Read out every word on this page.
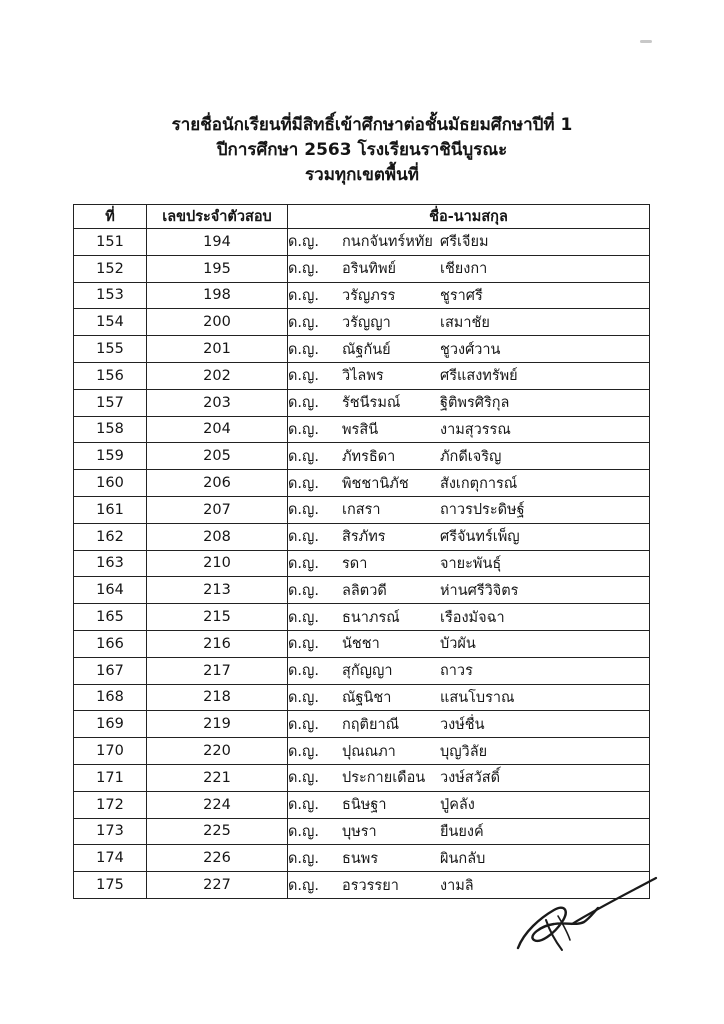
รายชื่อนักเรียนที่มีสิทธิ์เข้าศึกษาต่อชั้นมัธยมศึกษาปีที่ 1
ปีการศึกษา 2563 โรงเรียนราชินีบูรณะ
รวมทุกเขตพื้นที่
ที่	เลขประจำตัวสอบ	ชื่อ-นามสกุล
151	194	ด.ญ. กนกจันทร์หทัย ศรีเจียม
152	195	ด.ญ. อรินทิพย์ เชียงกา
153	198	ด.ญ. วรัญภรร ชูราศรี
154	200	ด.ญ. วรัญญา เสมาชัย
155	201	ด.ญ. ณัฐกันย์ ชูวงศ์วาน
156	202	ด.ญ. วิไลพร ศรีแสงทรัพย์
157	203	ด.ญ. รัชนีรมณ์ ฐิติพรศิริกุล
158	204	ด.ญ. พรสินี งามสุวรรณ
159	205	ด.ญ. ภัทรธิดา ภักดีเจริญ
160	206	ด.ญ. พิชชานิภัช สังเกตุการณ์
161	207	ด.ญ. เกสรา ถาวรประดิษฐ์
162	208	ด.ญ. สิรภัทร ศรีจันทร์เพ็ญ
163	210	ด.ญ. รดา จายะพันธุ์
164	213	ด.ญ. ลลิตวดี ห่านศรีวิจิตร
165	215	ด.ญ. ธนาภรณ์ เรืองมัจฉา
166	216	ด.ญ. นัชชา บัวผัน
167	217	ด.ญ. สุกัญญา ถาวร
168	218	ด.ญ. ณัฐนิชา แสนโบราณ
169	219	ด.ญ. กฤติยาณี วงษ์ชื่น
170	220	ด.ญ. ปุณณภา บุญวิลัย
171	221	ด.ญ. ประกายเดือน วงษ์สวัสดิ์
172	224	ด.ญ. ธนิษฐา ปู่คลัง
173	225	ด.ญ. บุษรา ยืนยงค์
174	226	ด.ญ. ธนพร ผินกลับ
175	227	ด.ญ. อรวรรยา งามลิ
